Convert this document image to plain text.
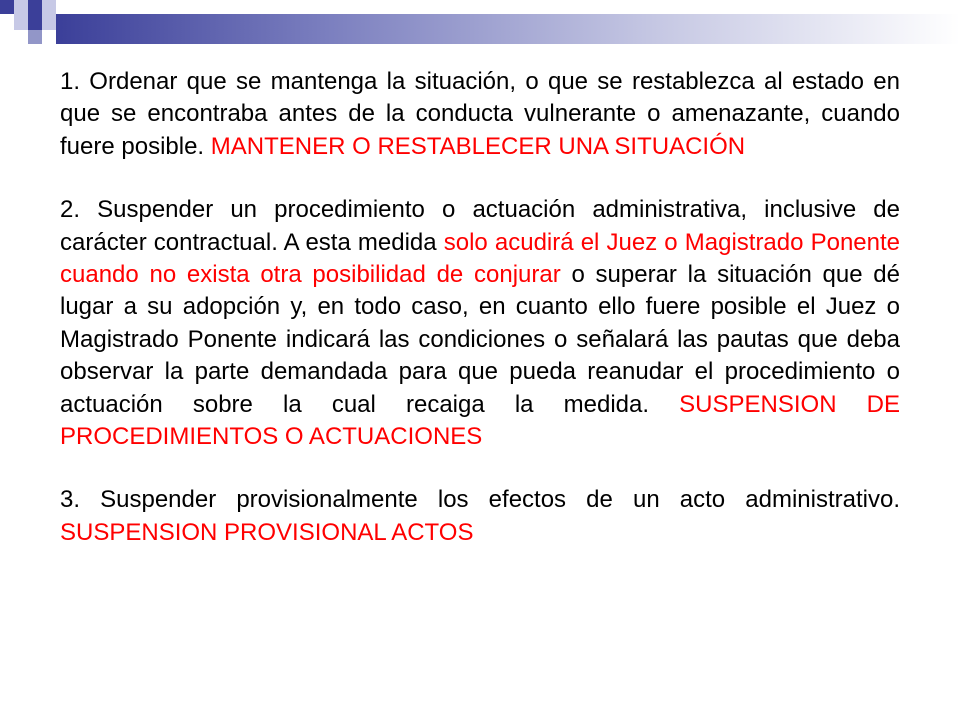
1. Ordenar que se mantenga la situación, o que se restablezca al estado en que se encontraba antes de la conducta vulnerante o amenazante, cuando fuere posible. MANTENER O RESTABLECER UNA SITUACIÓN

2. Suspender un procedimiento o actuación administrativa, inclusive de carácter contractual. A esta medida solo acudirá el Juez o Magistrado Ponente cuando no exista otra posibilidad de conjurar o superar la situación que dé lugar a su adopción y, en todo caso, en cuanto ello fuere posible el Juez o Magistrado Ponente indicará las condiciones o señalará las pautas que deba observar la parte demandada para que pueda reanudar el procedimiento o actuación sobre la cual recaiga la medida. SUSPENSION DE PROCEDIMIENTOS O ACTUACIONES

3. Suspender provisionalmente los efectos de un acto administrativo. SUSPENSION PROVISIONAL ACTOS
